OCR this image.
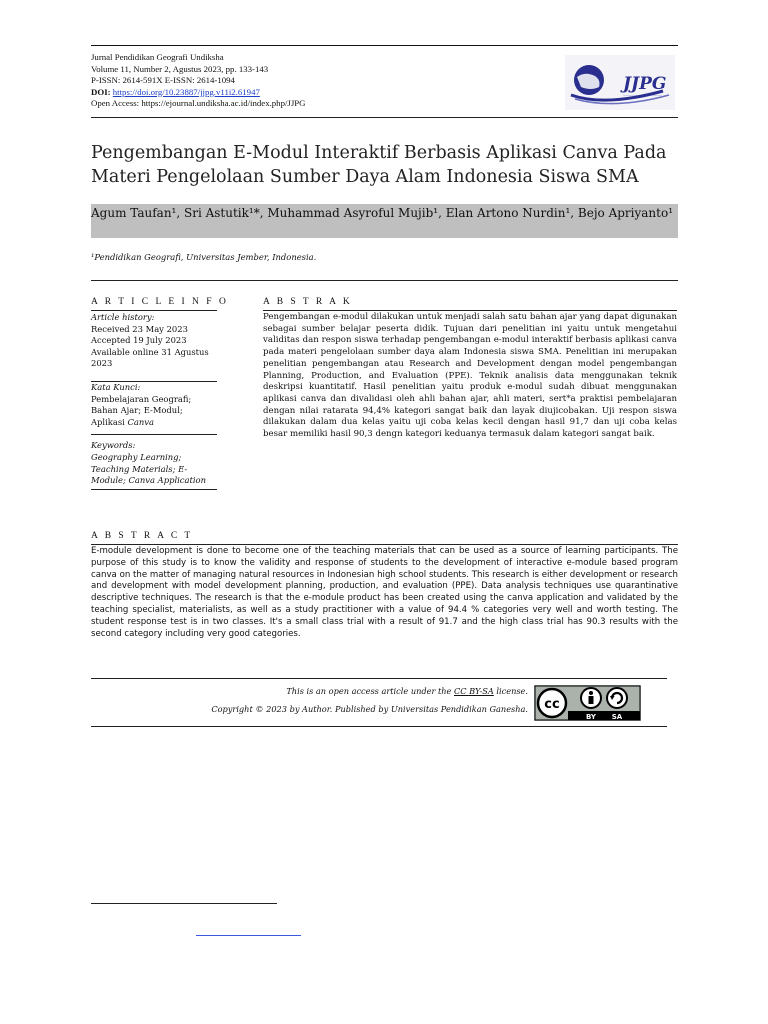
Jurnal Pendidikan Geografi Undiksha
Volume 11, Number 2, Agustus 2023, pp. 133-143
P-ISSN: 2614-591X E-ISSN: 2614-1094
DOI: https://doi.org/10.23887/jjpg.v11i2.61947
Open Access: https://ejournal.undiksha.ac.id/index.php/JJPG
JJPG
—————————————
Pengembangan E-Modul Interaktif Berbasis Aplikasi Canva Pada Materi Pengelolaan Sumber Daya Alam Indonesia Siswa SMA
Agum Taufan¹, Sri Astutik¹*, Muhammad Asyroful Mujib¹, Elan Artono Nurdin¹, Bejo Apriyanto¹
¹Pendidikan Geografi, Universitas Jember, Indonesia.
A R T I C L E I N F O
Article history:
Received 23 May 2023
Accepted 19 July 2023
Available online 31 Agustus 2023
Kata Kunci:
Pembelajaran Geografi; Bahan Ajar; E-Modul; Aplikasi Canva
Keywords:
Geography Learning; Teaching Materials; E-Module; Canva Application
A B S T R A K
Pengembangan e-modul dilakukan untuk menjadi salah satu bahan ajar yang dapat digunakan sebagai sumber belajar peserta didik. Tujuan dari penelitian ini yaitu untuk mengetahui validitas dan respon siswa terhadap pengembangan e-modul interaktif berbasis aplikasi canva pada materi pengelolaan sumber daya alam Indonesia siswa SMA. Penelitian ini merupakan penelitian pengembangan atau Research and Development dengan model pengembangan Planning, Production, and Evaluation (PPE). Teknik analisis data menggunakan teknik deskripsi kuantitatif. Hasil penelitian yaitu produk e-modul sudah dibuat menggunakan aplikasi canva dan divalidasi oleh ahli bahan ajar, ahli materi, sert*a praktisi pembelajaran dengan nilai ratarata 94,4% kategori sangat baik dan layak diujicobakan. Uji respon siswa dilakukan dalam dua kelas yaitu uji coba kelas kecil dengan hasil 91,7 dan uji coba kelas besar memiliki hasil 90,3 dengn kategori keduanya termasuk dalam kategori sangat baik.
A B S T R A C T
E-module development is done to become one of the teaching materials that can be used as a source of learning participants. The purpose of this study is to know the validity and response of students to the development of interactive e-module based program canva on the matter of managing natural resources in Indonesian high school students. This research is either development or research and development with model development planning, production, and evaluation (PPE). Data analysis techniques use quarantinative descriptive techniques. The research is that the e-module product has been created using the canva application and validated by the teaching specialist, materialists, as well as a study practitioner with a value of 94.4 % categories very well and worth testing. The student response test is in two classes. It's a small class trial with a result of 91.7 and the high class trial has 90.3 results with the second category including very good categories.
This is an open access article under the CC BY-SA license.
Copyright © 2023 by Author. Published by Universitas Pendidikan Ganesha. cc
BY SA
